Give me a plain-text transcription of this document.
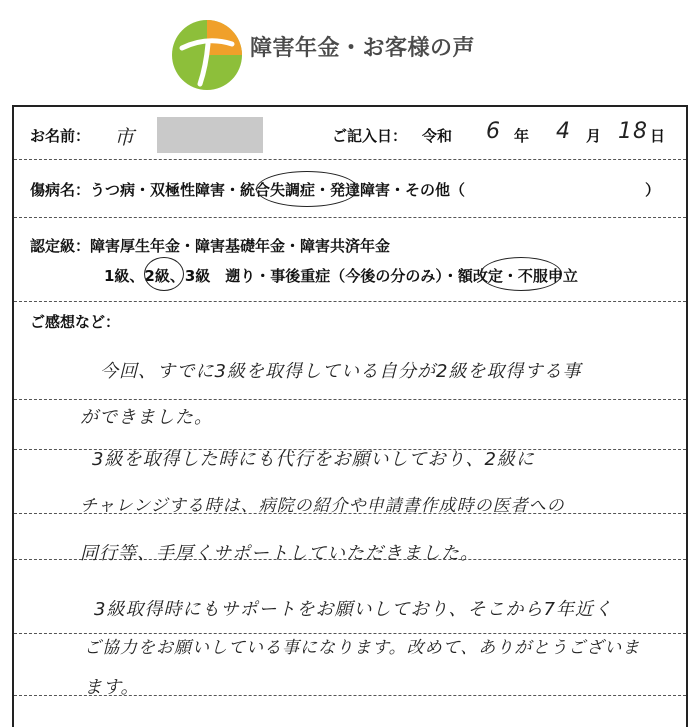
障害年金・お客様の声
お名前： 市	ご記入日： 令和 6 年 4 月 18 日
傷病名：うつ病・双極性障害・統合失調症・発達障害・その他（　　　　　　　　　　　　）
認定級：障害厚生年金・障害基礎年金・障害共済年金
1級、2級、3級　遡り・事後重症（今後の分のみ）・額改定・不服申立
ご感想など：
今回、すでに3級を取得している自分が2級を取得する事
ができました。
3級を取得した時にも代行をお願いしており、2級に
チャレンジする時は、病院の紹介や申請書作成時の医者への
同行等、手厚くサポートしていただきました。
3級取得時にもサポートをお願いしており、そこから7年近く
ご協力をお願いしている事になります。改めて、ありがとうございま
ます。
